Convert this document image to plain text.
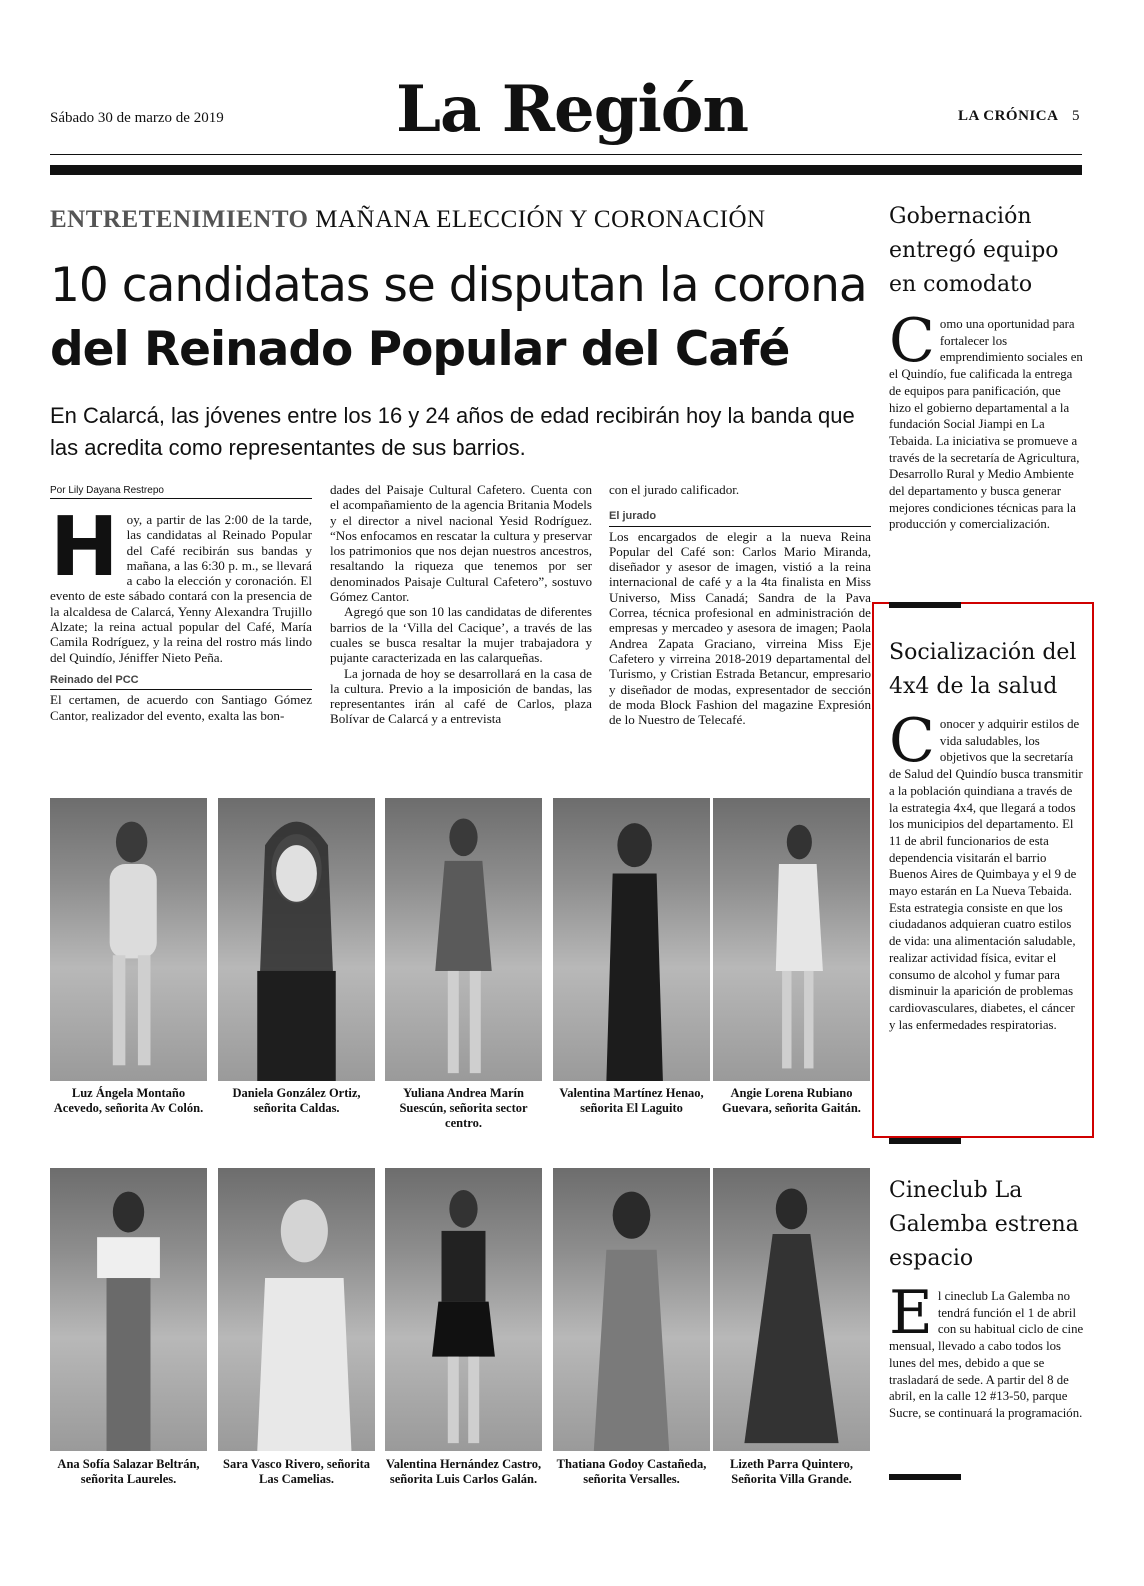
Sábado 30 de marzo de 2019	La Región	LA CRÓNICA 5
ENTRETENIMIENTO MAÑANA ELECCIÓN Y CORONACIÓN
10 candidatas se disputan la corona
del Reinado Popular del Café
En Calarcá, las jóvenes entre los 16 y 24 años de edad recibirán hoy la banda que las acredita como representantes de sus barrios.
Por Lily Dayana Restrepo
H oy, a partir de las 2:00 de la tarde, las candidatas al Reinado Popular del Café recibirán sus bandas y mañana, a las 6:30 p. m., se llevará a cabo la elección y coronación. El evento de este sábado contará con la presencia de la alcaldesa de Calarcá, Yenny Alexandra Trujillo Alzate; la reina actual popular del Café, María Camila Rodríguez, y la reina del rostro más lindo del Quindío, Jéniffer Nieto Peña.
Reinado del PCC
El certamen, de acuerdo con Santiago Gómez Cantor, realizador del evento, exalta las bon-
dades del Paisaje Cultural Cafetero. Cuenta con el acompañamiento de la agencia Britania Models y el director a nivel nacional Yesid Rodríguez. “Nos enfocamos en rescatar la cultura y preservar los patrimonios que nos dejan nuestros ancestros, resaltando la riqueza que tenemos por ser denominados Paisaje Cultural Cafetero”, sostuvo Gómez Cantor.
Agregó que son 10 las candidatas de diferentes barrios de la ‘Villa del Cacique’, a través de las cuales se busca resaltar la mujer trabajadora y pujante caracterizada en las calarqueñas.
La jornada de hoy se desarrollará en la casa de la cultura. Previo a la imposición de bandas, las representantes irán al café de Carlos, plaza Bolívar de Calarcá y a entrevista
con el jurado calificador.
El jurado
Los encargados de elegir a la nueva Reina Popular del Café son: Carlos Mario Miranda, diseñador y asesor de imagen, vistió a la reina internacional de café y a la 4ta finalista en Miss Universo, Miss Canadá; Sandra de la Pava Correa, técnica profesional en administración de empresas y mercadeo y asesora de imagen; Paola Andrea Zapata Graciano, virreina Miss Eje Cafetero y virreina 2018-2019 departamental del Turismo, y Cristian Estrada Betancur, empresario y diseñador de modas, expresentador de sección de moda Block Fashion del magazine Expresión de lo Nuestro de Telecafé.
Luz Ángela Montaño Acevedo, señorita Av Colón.
Daniela González Ortiz, señorita Caldas.
Yuliana Andrea Marín Suescún, señorita sector centro.
Valentina Martínez Henao, señorita El Laguito
Angie Lorena Rubiano Guevara, señorita Gaitán.
Ana Sofía Salazar Beltrán, señorita Laureles.
Sara Vasco Rivero, señorita Las Camelias.
Valentina Hernández Castro, señorita Luis Carlos Galán.
Thatiana Godoy Castañeda, señorita Versalles.
Lizeth Parra Quintero, Señorita Villa Grande.
Gobernación entregó equipo en comodato
Como una oportunidad para fortalecer los emprendimiento sociales en el Quindío, fue calificada la entrega de equipos para panificación, que hizo el gobierno departamental a la fundación Social Jiampi en La Tebaida. La iniciativa se promueve a través de la secretaría de Agricultura, Desarrollo Rural y Medio Ambiente del departamento y busca generar mejores condiciones técnicas para la producción y comercialización.
Socialización del 4x4 de la salud
Conocer y adquirir estilos de vida saludables, los objetivos que la secretaría de Salud del Quindío busca transmitir a la población quindiana a través de la estrategia 4x4, que llegará a todos los municipios del departamento. El 11 de abril funcionarios de esta dependencia visitarán el barrio Buenos Aires de Quimbaya y el 9 de mayo estarán en La Nueva Tebaida.
Esta estrategia consiste en que los ciudadanos adquieran cuatro estilos de vida: una alimentación saludable, realizar actividad física, evitar el consumo de alcohol y fumar para disminuir la aparición de problemas cardiovasculares, diabetes, el cáncer y las enfermedades respiratorias.
Cineclub La Galemba estrena espacio
El cineclub La Galemba no tendrá función el 1 de abril con su habitual ciclo de cine mensual, llevado a cabo todos los lunes del mes, debido a que se trasladará de sede. A partir del 8 de abril, en la calle 12 #13-50, parque Sucre, se continuará la programación.
